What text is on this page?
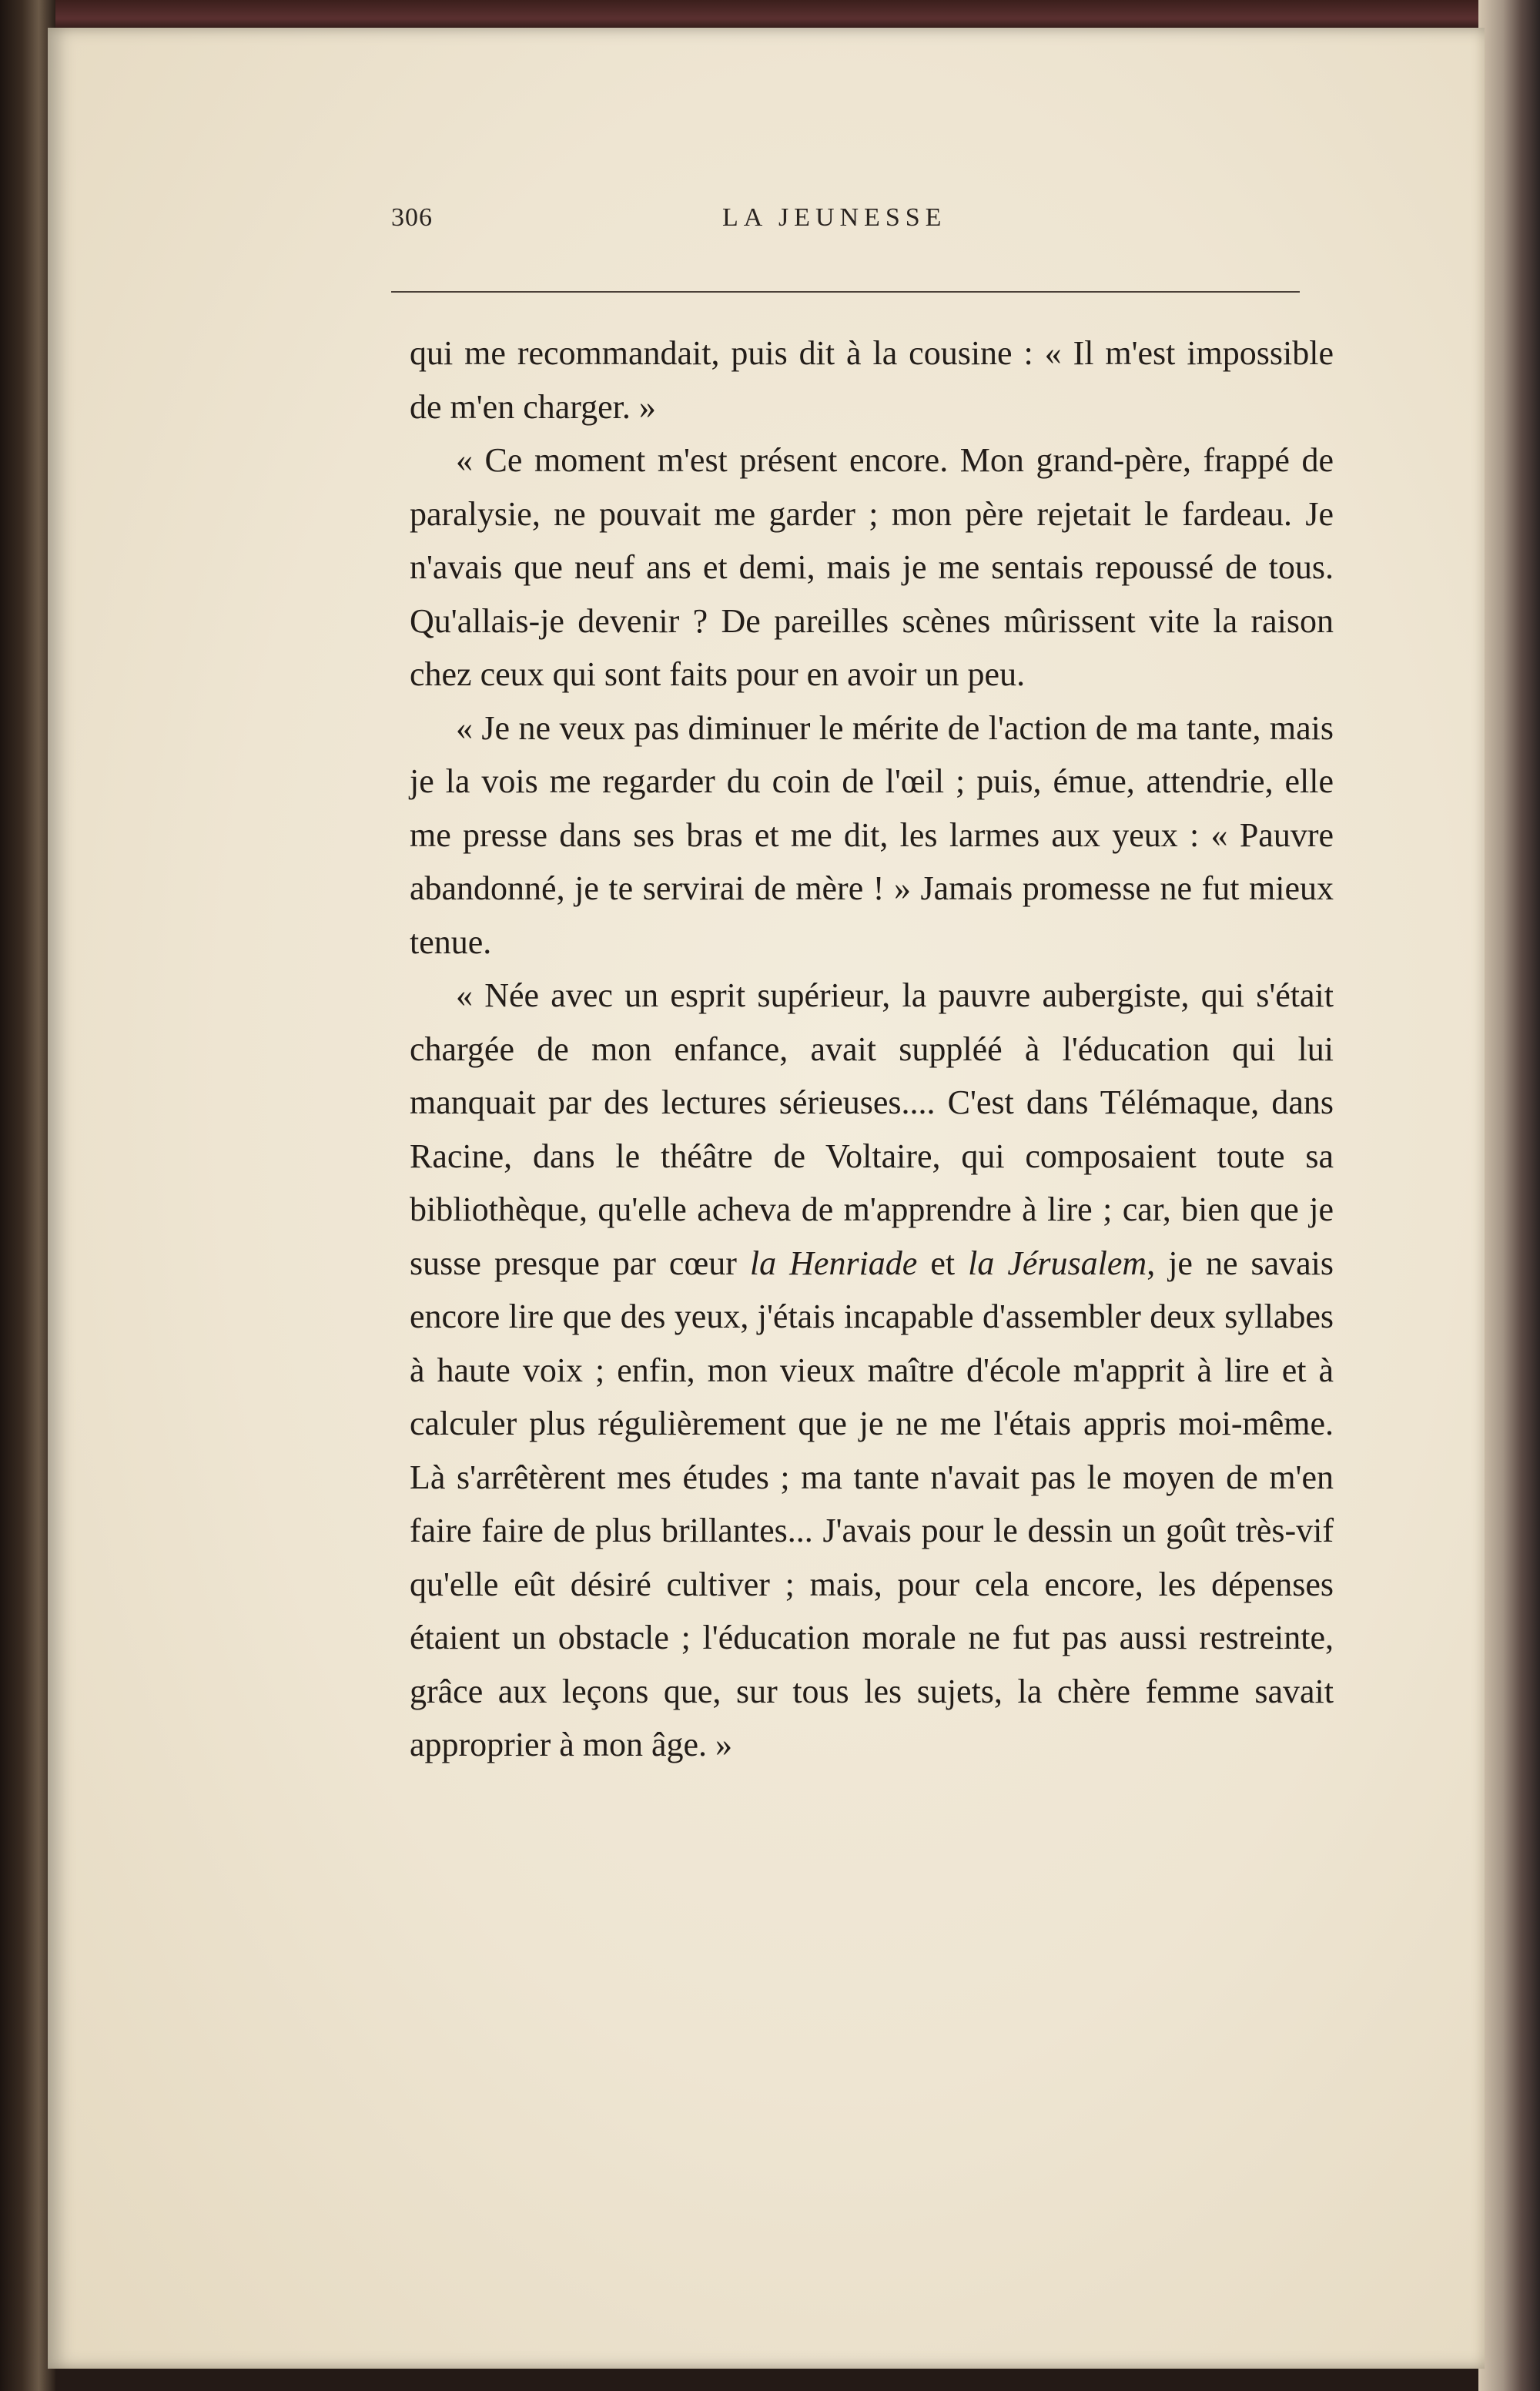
306	LA JEUNESSE

qui me recommandait, puis dit à la cousine : « Il m'est impossible de m'en charger. »

« Ce moment m'est présent encore. Mon grand-père, frappé de paralysie, ne pouvait me garder ; mon père rejetait le fardeau. Je n'avais que neuf ans et demi, mais je me sentais repoussé de tous. Qu'allais-je devenir ? De pareilles scènes mûrissent vite la raison chez ceux qui sont faits pour en avoir un peu.

« Je ne veux pas diminuer le mérite de l'action de ma tante, mais je la vois me regarder du coin de l'œil ; puis, émue, attendrie, elle me presse dans ses bras et me dit, les larmes aux yeux : « Pauvre abandonné, je te servirai de mère ! » Jamais promesse ne fut mieux tenue.

« Née avec un esprit supérieur, la pauvre aubergiste, qui s'était chargée de mon enfance, avait suppléé à l'éducation qui lui manquait par des lectures sérieuses.... C'est dans Télémaque, dans Racine, dans le théâtre de Voltaire, qui composaient toute sa bibliothèque, qu'elle acheva de m'apprendre à lire ; car, bien que je susse presque par cœur la Henriade et la Jérusalem, je ne savais encore lire que des yeux, j'étais incapable d'assembler deux syllabes à haute voix ; enfin, mon vieux maître d'école m'apprit à lire et à calculer plus régulièrement que je ne me l'étais appris moi-même. Là s'arrêtèrent mes études ; ma tante n'avait pas le moyen de m'en faire faire de plus brillantes... J'avais pour le dessin un goût très-vif qu'elle eût désiré cultiver ; mais, pour cela encore, les dépenses étaient un obstacle ; l'éducation morale ne fut pas aussi restreinte, grâce aux leçons que, sur tous les sujets, la chère femme savait approprier à mon âge. »
